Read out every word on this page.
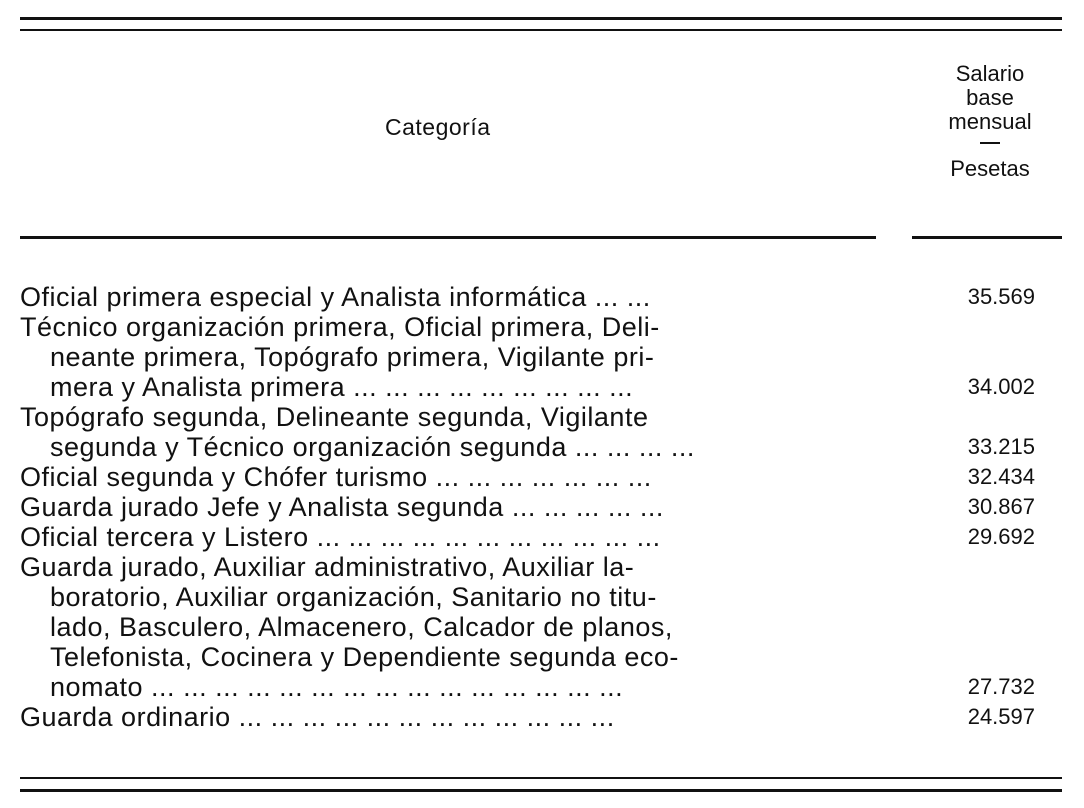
Categoría
Salario
base
mensual
Pesetas
Oficial primera especial y Analista informática ... ...	35.569
Técnico organización primera, Oficial primera, Deli-
neante primera, Topógrafo primera, Vigilante pri-
mera y Analista primera ... ... ... ... ... ... ... ... ...	34.002
Topógrafo segunda, Delineante segunda, Vigilante
segunda y Técnico organización segunda ... ... ... ...	33.215
Oficial segunda y Chófer turismo ... ... ... ... ... ... ...	32.434
Guarda jurado Jefe y Analista segunda ... ... ... ... ...	30.867
Oficial tercera y Listero ... ... ... ... ... ... ... ... ... ... ...	29.692
Guarda jurado, Auxiliar administrativo, Auxiliar la-
boratorio, Auxiliar organización, Sanitario no titu-
lado, Basculero, Almacenero, Calcador de planos,
Telefonista, Cocinera y Dependiente segunda eco-
nomato ... ... ... ... ... ... ... ... ... ... ... ... ... ... ...	27.732
Guarda ordinario ... ... ... ... ... ... ... ... ... ... ... ...	24.597
